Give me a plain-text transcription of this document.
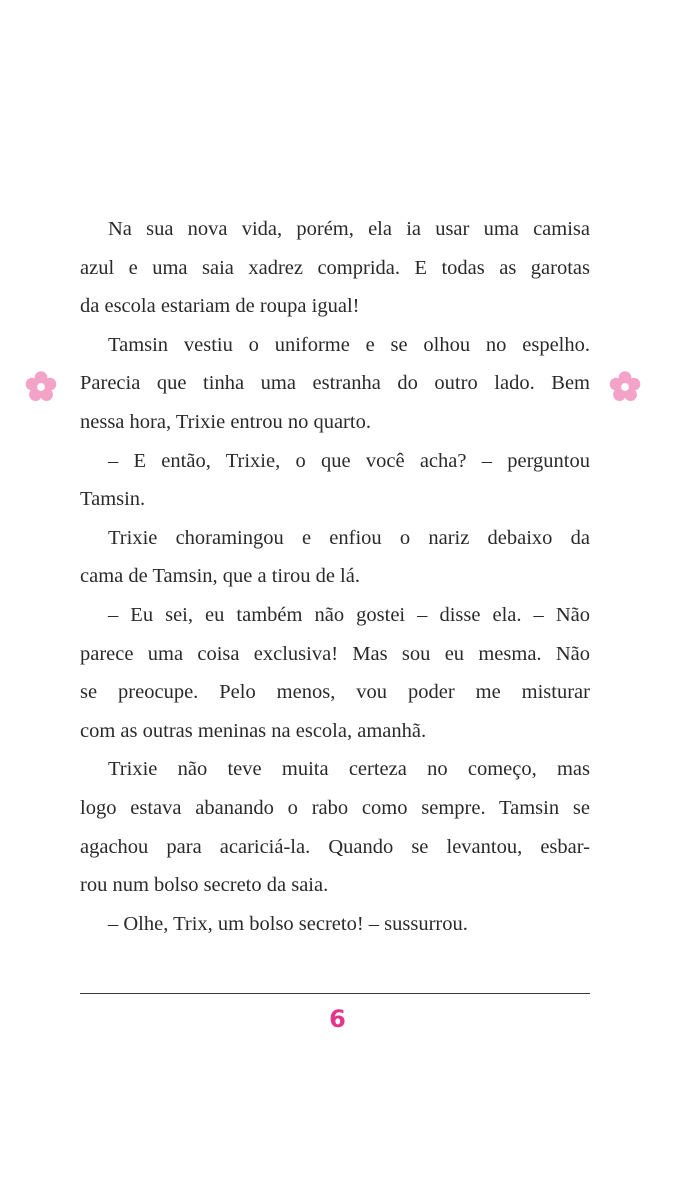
Na sua nova vida, porém, ela ia usar uma camisa
azul e uma saia xadrez comprida. E todas as garotas
da escola estariam de roupa igual!
Tamsin vestiu o uniforme e se olhou no espelho.
Parecia que tinha uma estranha do outro lado. Bem
nessa hora, Trixie entrou no quarto.
– E então, Trixie, o que você acha? – perguntou
Tamsin.
Trixie choramingou e enfiou o nariz debaixo da
cama de Tamsin, que a tirou de lá.
– Eu sei, eu também não gostei – disse ela. – Não
parece uma coisa exclusiva! Mas sou eu mesma. Não
se preocupe. Pelo menos, vou poder me misturar
com as outras meninas na escola, amanhã.
Trixie não teve muita certeza no começo, mas
logo estava abanando o rabo como sempre. Tamsin se
agachou para acariciá-la. Quando se levantou, esbar-
rou num bolso secreto da saia.
– Olhe, Trix, um bolso secreto! – sussurrou.
6
